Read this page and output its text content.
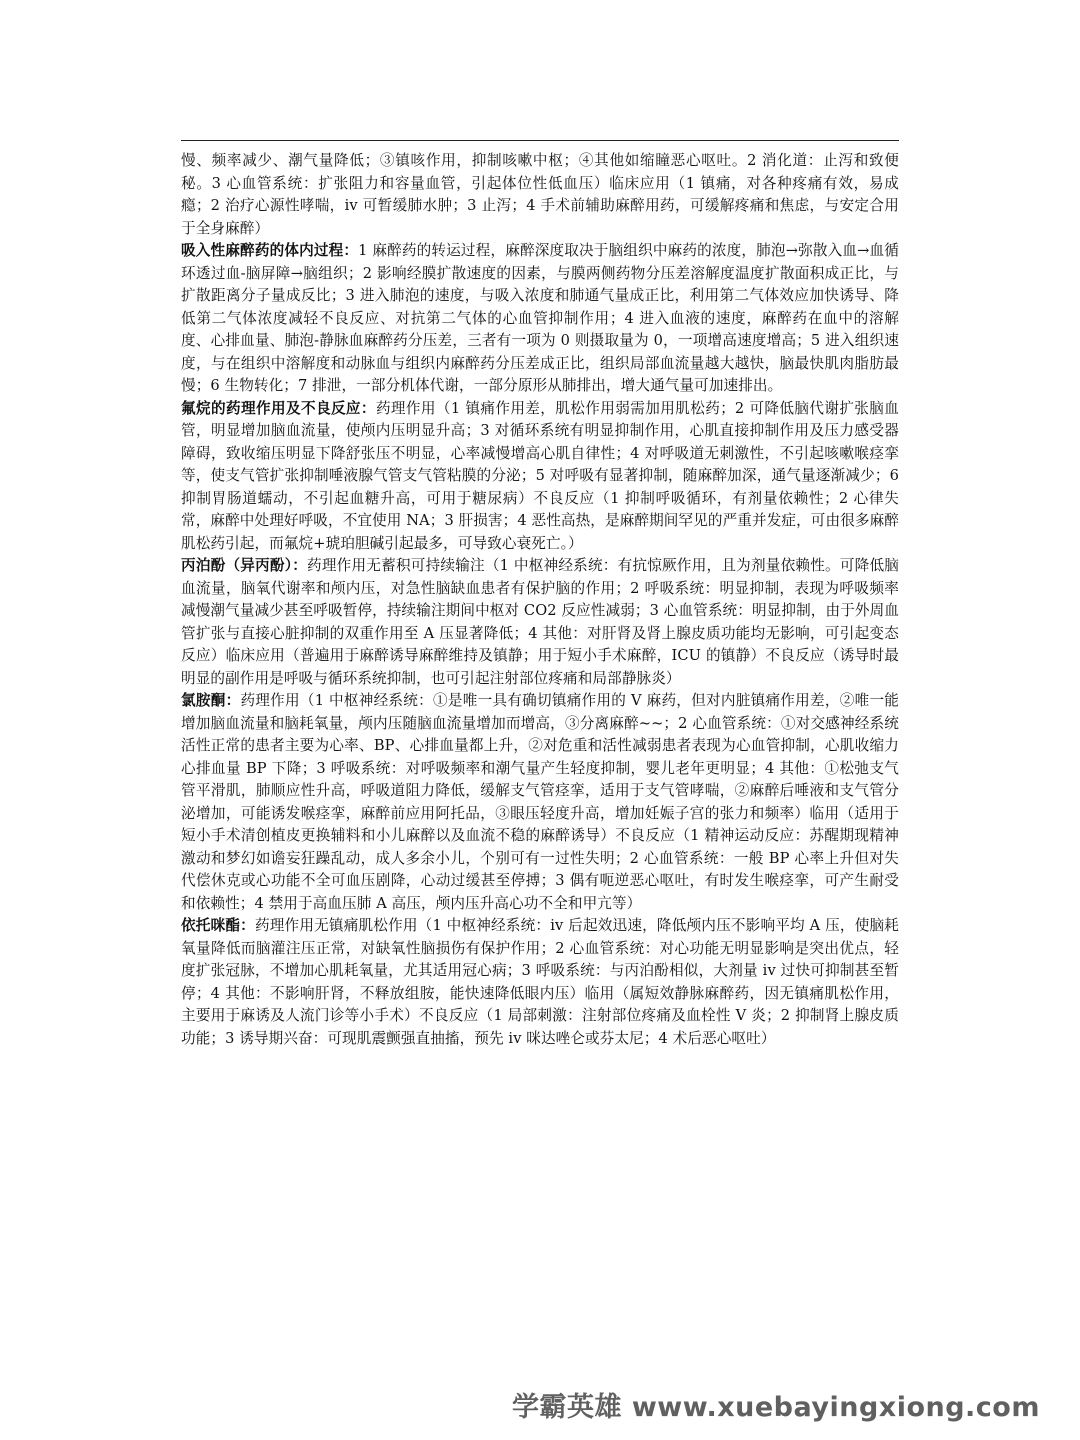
慢、频率减少、潮气量降低；③镇咳作用，抑制咳嗽中枢；④其他如缩瞳恶心呕吐。2 消化道：止泻和致便秘。3 心血管系统：扩张阻力和容量血管，引起体位性低血压）临床应用（1 镇痛，对各种疼痛有效，易成瘾；2 治疗心源性哮喘，iv 可暂缓肺水肿；3 止泻；4 手术前辅助麻醉用药，可缓解疼痛和焦虑，与安定合用于全身麻醉）

吸入性麻醉药的体内过程：1 麻醉药的转运过程，麻醉深度取决于脑组织中麻药的浓度，肺泡→弥散入血→血循环透过血-脑屏障→脑组织；2 影响经膜扩散速度的因素，与膜两侧药物分压差溶解度温度扩散面积成正比，与扩散距离分子量成反比；3 进入肺泡的速度，与吸入浓度和肺通气量成正比，利用第二气体效应加快诱导、降低第二气体浓度减轻不良反应、对抗第二气体的心血管抑制作用；4 进入血液的速度，麻醉药在血中的溶解度、心排血量、肺泡-静脉血麻醉药分压差，三者有一项为 0 则摄取量为 0，一项增高速度增高；5 进入组织速度，与在组织中溶解度和动脉血与组织内麻醉药分压差成正比，组织局部血流量越大越快，脑最快肌肉脂肪最慢；6 生物转化；7 排泄，一部分机体代谢，一部分原形从肺排出，增大通气量可加速排出。

氟烷的药理作用及不良反应：药理作用（1 镇痛作用差，肌松作用弱需加用肌松药；2 可降低脑代谢扩张脑血管，明显增加脑血流量，使颅内压明显升高；3 对循环系统有明显抑制作用，心肌直接抑制作用及压力感受器障碍，致收缩压明显下降舒张压不明显，心率减慢增高心肌自律性；4 对呼吸道无刺激性，不引起咳嗽喉痉挛等，使支气管扩张抑制唾液腺气管支气管粘膜的分泌；5 对呼吸有显著抑制，随麻醉加深，通气量逐渐减少；6 抑制胃肠道蠕动，不引起血糖升高，可用于糖尿病）不良反应（1 抑制呼吸循环，有剂量依赖性；2 心律失常，麻醉中处理好呼吸，不宜使用 NA；3 肝损害；4 恶性高热，是麻醉期间罕见的严重并发症，可由很多麻醉肌松药引起，而氟烷+琥珀胆碱引起最多，可导致心衰死亡。）

丙泊酚（异丙酚）：药理作用无蓄积可持续输注（1 中枢神经系统：有抗惊厥作用，且为剂量依赖性。可降低脑血流量，脑氧代谢率和颅内压，对急性脑缺血患者有保护脑的作用；2 呼吸系统：明显抑制，表现为呼吸频率减慢潮气量减少甚至呼吸暂停，持续输注期间中枢对 CO2 反应性减弱；3 心血管系统：明显抑制，由于外周血管扩张与直接心脏抑制的双重作用至 A 压显著降低；4 其他：对肝肾及肾上腺皮质功能均无影响，可引起变态反应）临床应用（普遍用于麻醉诱导麻醉维持及镇静；用于短小手术麻醉，ICU 的镇静）不良反应（诱导时最明显的副作用是呼吸与循环系统抑制，也可引起注射部位疼痛和局部静脉炎）

氯胺酮：药理作用（1 中枢神经系统：①是唯一具有确切镇痛作用的 V 麻药，但对内脏镇痛作用差，②唯一能增加脑血流量和脑耗氧量，颅内压随脑血流量增加而增高，③分离麻醉~~；2 心血管系统：①对交感神经系统活性正常的患者主要为心率、BP、心排血量都上升，②对危重和活性减弱患者表现为心血管抑制，心肌收缩力心排血量 BP 下降；3 呼吸系统：对呼吸频率和潮气量产生轻度抑制，婴儿老年更明显；4 其他：①松弛支气管平滑肌，肺顺应性升高，呼吸道阻力降低，缓解支气管痉挛，适用于支气管哮喘，②麻醉后唾液和支气管分泌增加，可能诱发喉痉挛，麻醉前应用阿托品，③眼压轻度升高，增加妊娠子宫的张力和频率）临用（适用于短小手术清创植皮更换辅料和小儿麻醉以及血流不稳的麻醉诱导）不良反应（1 精神运动反应：苏醒期现精神激动和梦幻如谵妄狂躁乱动，成人多余小儿，个别可有一过性失明；2 心血管系统：一般 BP 心率上升但对失代偿休克或心功能不全可血压剧降，心动过缓甚至停搏；3 偶有呃逆恶心呕吐，有时发生喉痉挛，可产生耐受和依赖性；4 禁用于高血压肺 A 高压，颅内压升高心功不全和甲亢等）

依托咪酯：药理作用无镇痛肌松作用（1 中枢神经系统：iv 后起效迅速，降低颅内压不影响平均 A 压，使脑耗氧量降低而脑灌注压正常，对缺氧性脑损伤有保护作用；2 心血管系统：对心功能无明显影响是突出优点，轻度扩张冠脉，不增加心肌耗氧量，尤其适用冠心病；3 呼吸系统：与丙泊酚相似，大剂量 iv 过快可抑制甚至暂停；4 其他：不影响肝肾，不释放组胺，能快速降低眼内压）临用（属短效静脉麻醉药，因无镇痛肌松作用，主要用于麻诱及人流门诊等小手术）不良反应（1 局部刺激：注射部位疼痛及血栓性 V 炎；2 抑制肾上腺皮质功能；3 诱导期兴奋：可现肌震颤强直抽搐，预先 iv 咪达唑仑或芬太尼；4 术后恶心呕吐）

学霸英雄 www.xuebayingxiong.com
